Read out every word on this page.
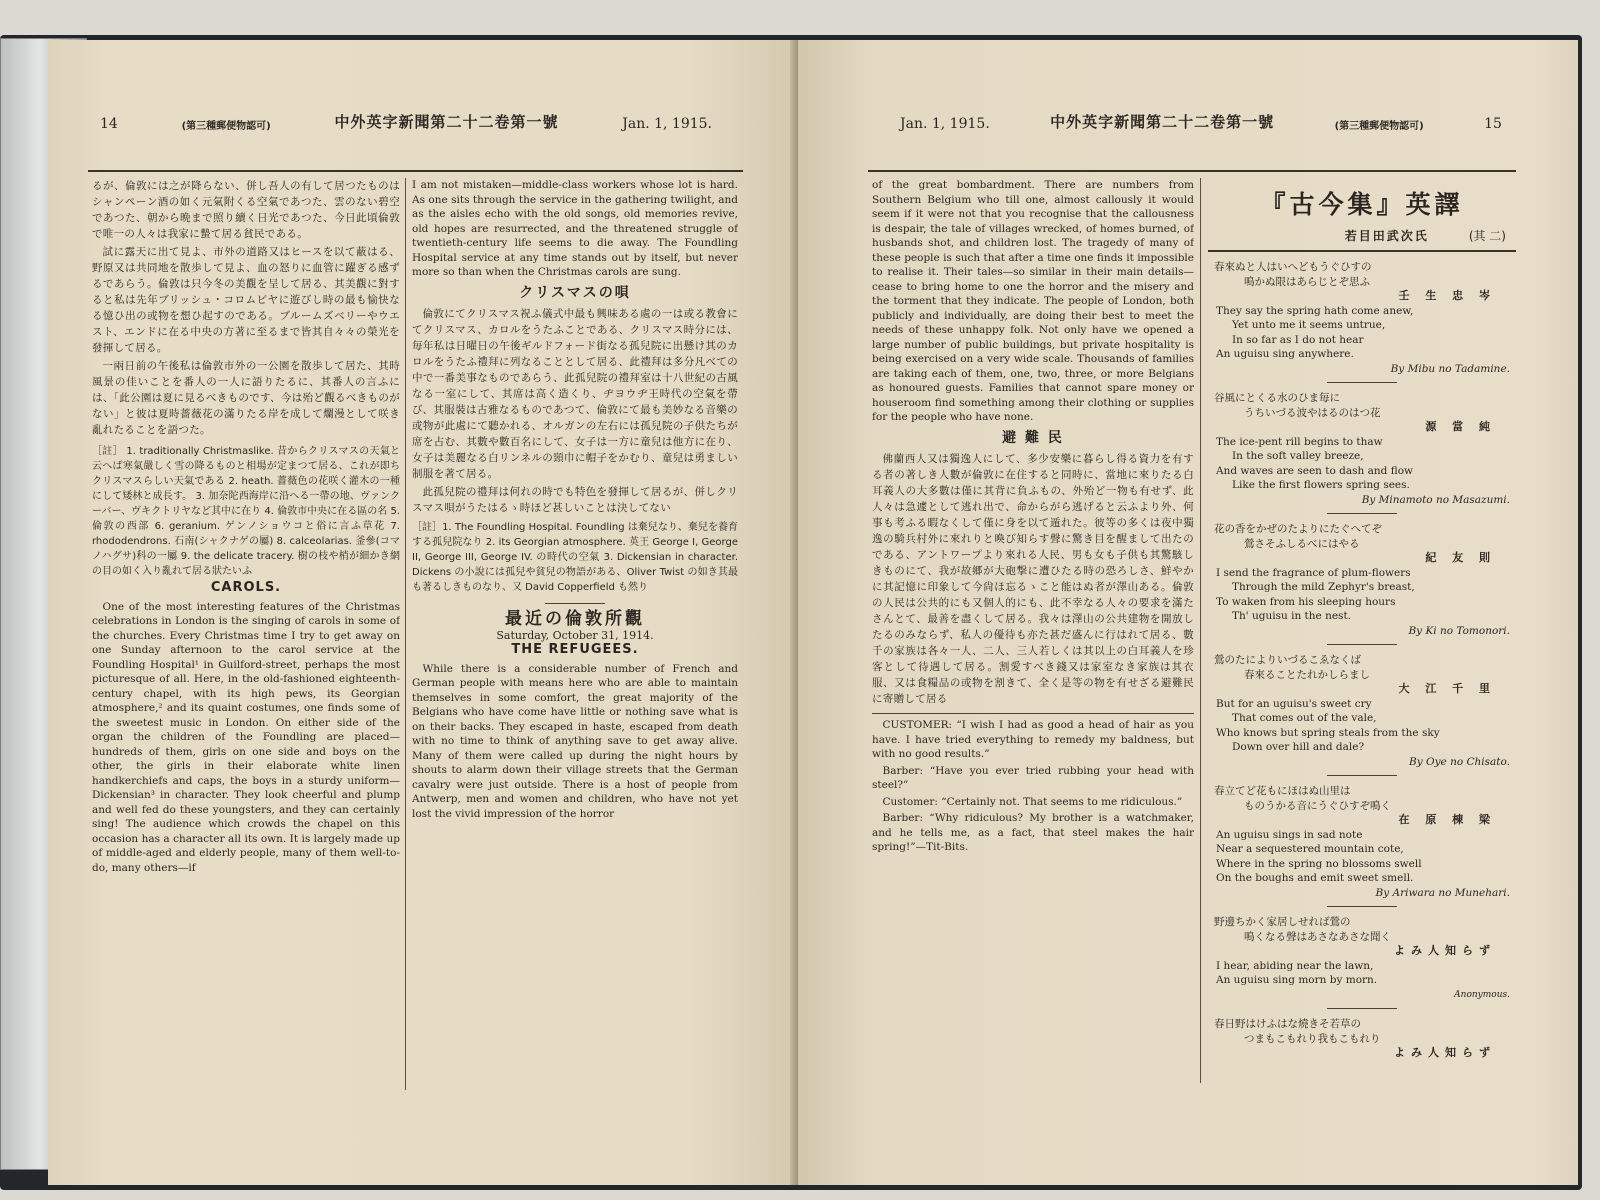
14	(第三種郵便物認可)	中外英字新聞第二十二卷第一號	Jan. 1, 1915.

るが、倫敦には之が降らない、併し吾人の有して居つたものはシャンペーン酒の如く元氣附くる空氣であつた、雲のない碧空であつた、朝から晩まで照り續く日光であつた、今日此頃倫敦で唯一の人々は我家に蟄て居る貧民である。

試に露天に出て見よ、市外の道路又はヒースを以て蔽はる、野原又は共同地を散歩して見よ、血の怒りに血管に躍ぎる感ずるであらう。倫敦は只今冬の美觀を呈して居る、其美觀に對すると私は先年ブリッシュ・コロムビヤに遊びし時の最も愉快なる憶ひ出の或物を想ひ起すのである。ブルームズベリーやウエスト、エンドに在る中央の方著に至るまで皆其自々々の榮光を發揮して居る。

一兩日前の午後私は倫敦市外の一公園を散歩して居た、其時風景の佳いことを番人の一人に語りたるに、其番人の言ふには、「此公園は夏に見るべきものです、今は殆ど觀るべきものがない」と彼は夏時薔薇花の滿りたる岸を成して爛漫として咲き亂れたることを語つた。

［註］ 1. traditionally Christmaslike. 昔からクリスマスの天氣と云へば寒氣嚴しく雪の降るものと相場が定まつて居る、これが即ちクリスマスらしい天氣である 2. heath. 薔薇色の花咲く灌木の一種にして矮林と成長す。 3. 加奈陀西海岸に沿へる一帶の地、ヴァンクーバー、ヴキクトリヤなど其中に在り 4. 倫敦市中央に在る區の名 5. 倫敦の西部 6. geranium. ゲンノショウコと俗に言ふ草花 7. rhododendrons. 石南(シャクナゲの屬) 8. calceolarias. 釜參(コマノハグサ)科の一屬 9. the delicate tracery. 樹の枝や梢が細かき網の目の如く入り亂れて居る狀たいふ

CAROLS.

One of the most interesting features of the Christmas celebrations in London is the singing of carols in some of the churches. Every Christmas time I try to get away on one Sunday afternoon to the carol service at the Foundling Hospital¹ in Guilford-street, perhaps the most picturesque of all. Here, in the old-fashioned eighteenth-century chapel, with its high pews, its Georgian atmosphere,² and its quaint costumes, one finds some of the sweetest music in London. On either side of the organ the children of the Foundling are placed—hundreds of them, girls on one side and boys on the other, the girls in their elaborate white linen handkerchiefs and caps, the boys in a sturdy uniform—Dickensian³ in character. They look cheerful and plump and well fed do these youngsters, and they can certainly sing! The audience which crowds the chapel on this occasion has a character all its own. It is largely made up of middle-aged and elderly people, many of them well-to-do, many others—if

I am not mistaken—middle-class workers whose lot is hard. As one sits through the service in the gathering twilight, and as the aisles echo with the old songs, old memories revive, old hopes are resurrected, and the threatened struggle of twentieth-century life seems to die away. The Foundling Hospital service at any time stands out by itself, but never more so than when the Christmas carols are sung.

クリスマスの唄

倫敦にてクリスマス祝ふ儀式中最も興味ある處の一は或る教會にてクリスマス、カロルをうたふことである、クリスマス時分には、毎年私は日曜日の午後ギルドフォード街なる孤兒院に出懸け其のカロルをうたふ禮拜に列なることとして居る、此禮拜は多分凡べての中で一番美事なものであらう、此孤兒院の禮拜室は十八世紀の古風なる一室にして、其席は高く造くり、ヂヨウヂ王時代の空氣を帶び、其服裝は古雅なるものであつて、倫敦にて最も美妙なる音樂の或物が此處にて聽かれる、オルガンの左右には孤兒院の子供たちが席を占む、其數や數百名にして、女子は一方に童兒は他方に在り、女子は美麗なる白リンネルの頸巾に帽子をかむり、童兒は勇ましい制服を著て居る。

此孤兒院の禮拜は何れの時でも特色を發揮して居るが、併しクリスマス唄がうたはるゝ時ほど甚しいことは決してない

［註］1. The Foundling Hospital. Foundling は棄兒なり、棄兒を養育する孤兒院なり 2. its Georgian atmosphere. 英王 George I, George II, George III, George IV. の時代の空氣 3. Dickensian in character. Dickens の小說には孤兒や貧兒の物語がある、Oliver Twist の如き其最も著るしきものなり、又 David Copperfield も然り

最近の倫敦所觀
Saturday, October 31, 1914.
THE REFUGEES.

While there is a considerable number of French and German people with means here who are able to maintain themselves in some comfort, the great majority of the Belgians who have come have little or nothing save what is on their backs. They escaped in haste, escaped from death with no time to think of anything save to get away alive. Many of them were called up during the night hours by shouts to alarm down their village streets that the German cavalry were just outside. There is a host of people from Antwerp, men and women and children, who have not yet lost the vivid impression of the horror

Jan. 1, 1915.	中外英字新聞第二十二卷第一號	(第三種郵便物認可)	15

of the great bombardment. There are numbers from Southern Belgium who till one, almost callously it would seem if it were not that you recognise that the callousness is despair, the tale of villages wrecked, of homes burned, of husbands shot, and children lost. The tragedy of many of these people is such that after a time one finds it impossible to realise it. Their tales—so similar in their main details—cease to bring home to one the horror and the misery and the torment that they indicate. The people of London, both publicly and individually, are doing their best to meet the needs of these unhappy folk. Not only have we opened a large number of public buildings, but private hospitality is being exercised on a very wide scale. Thousands of families are taking each of them, one, two, three, or more Belgians as honoured guests. Families that cannot spare money or houseroom find something among their clothing or supplies for the people who have none.

避 難 民

佛蘭西人又は獨逸人にして、多少安樂に暮らし得る資力を有する者の著しき人數が倫敦に在住すると同時に、當地に來りたる白耳義人の大多數は僅に其背に負ふもの、外殆ど一物も有せず、此人々は急遽として逃れ出で、命からがら逃げると云ふより外、何事も考ふる暇なくして僅に身を以て遁れた。彼等の多くは夜中獨逸の騎兵村外に來れりと喚び知らす聲に驚き目を醒まして出たのである、アントワープより來れる人民、男も女も子供も其驚駭しきものにて、我が故郷が大砲撃に遭ひたる時の恐ろしさ、鮮やかに其記憶に印象して今尙ほ忘るゝこと能はぬ者が澤山ある。倫敦の人民は公共的にも又個人的にも、此不幸なる人々の要求を滿たさんとて、最善を盡くして居る。我々は澤山の公共建物を開放したるのみならず、私人の優待も亦た甚だ盛んに行はれて居る、數千の家族は各々一人、二人、三人若しくは其以上の白耳義人を珍客として待遇して居る。割愛すべき錢又は家室なき家族は其衣服、又は食糧品の或物を割きて、全く是等の物を有せざる避難民に寄贈して居る

CUSTOMER: “I wish I had as good a head of hair as you have. I have tried everything to remedy my baldness, but with no good results.”

Barber: “Have you ever tried rubbing your head with steel?”

Customer: “Certainly not. That seems to me ridiculous.”

Barber: “Why ridiculous? My brother is a watchmaker, and he tells me, as a fact, that steel makes the hair spring!”—Tit-Bits.

『古今集』英譯
若目田武次氏	(其 二)
春來ぬと人はいへどもうぐひすの
鳴かぬ限はあらじとぞ思ふ
壬 生 忠 岑
They say the spring hath come anew,
Yet unto me it seems untrue,
In so far as I do not hear
An uguisu sing anywhere.
By Mibu no Tadamine.
谷風にとくる水のひま毎に
うちいづる波やはるのはつ花
源 當 純
The ice-pent rill begins to thaw
In the soft valley breeze,
And waves are seen to dash and flow
Like the first flowers spring sees.
By Minamoto no Masazumi.
花の香をかぜのたよりにたぐへてぞ
鶯さそふしるべにはやる
紀 友 則
I send the fragrance of plum-flowers
Through the mild Zephyr's breast,
To waken from his sleeping hours
Th' uguisu in the nest.
By Ki no Tomonori.
鶯のたによりいづるこゑなくば
春來ることたれかしらまし
大 江 千 里
But for an uguisu's sweet cry
That comes out of the vale,
Who knows but spring steals from the sky
Down over hill and dale?
By Oye no Chisato.
春立てど花もにほはぬ山里は
ものうかる音にうぐひすぞ鳴く
在 原 棟 梁
An uguisu sings in sad note
Near a sequestered mountain cote,
Where in the spring no blossoms swell
On the boughs and emit sweet smell.
By Ariwara no Munehari.
野邊ちかく家居しせれば鶯の
鳴くなる聲はあさなあさな聞く
よみ人知らず
I hear, abiding near the lawn,
An uguisu sing morn by morn.
Anonymous.
春日野はけふはな燒きそ若草の
つまもこもれり我もこもれり
よみ人知らず
